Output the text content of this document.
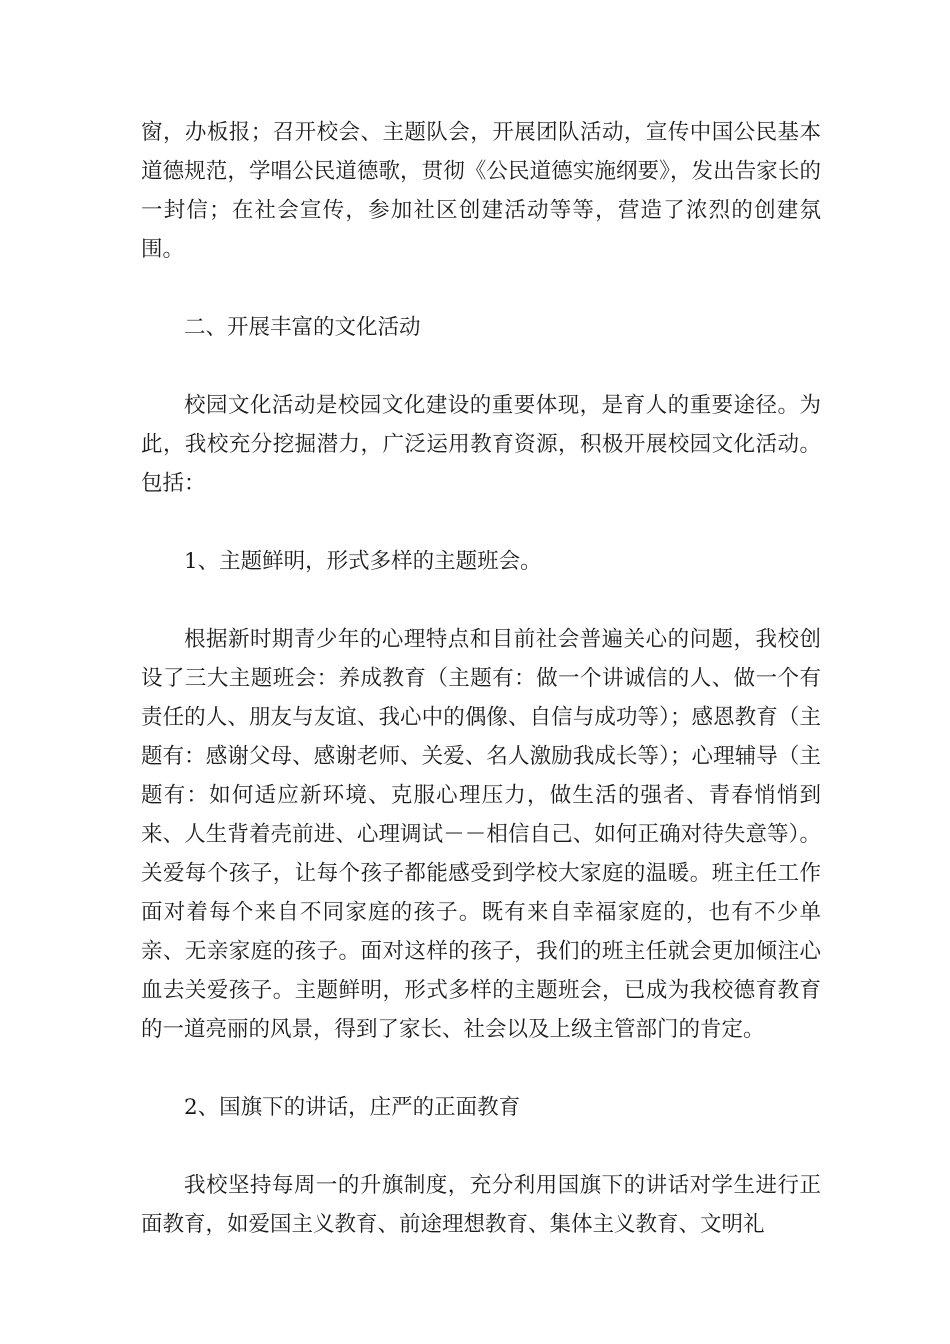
窗，办板报；召开校会、主题队会，开展团队活动，宣传中国公民基本道德规范，学唱公民道德歌，贯彻《公民道德实施纲要》，发出告家长的一封信；在社会宣传，参加社区创建活动等等，营造了浓烈的创建氛围。

二、开展丰富的文化活动

校园文化活动是校园文化建设的重要体现，是育人的重要途径。为此，我校充分挖掘潜力，广泛运用教育资源，积极开展校园文化活动。包括：

1、主题鲜明，形式多样的主题班会。

根据新时期青少年的心理特点和目前社会普遍关心的问题，我校创设了三大主题班会：养成教育（主题有：做一个讲诚信的人、做一个有责任的人、朋友与友谊、我心中的偶像、自信与成功等）；感恩教育（主题有：感谢父母、感谢老师、关爱、名人激励我成长等）；心理辅导（主题有：如何适应新环境、克服心理压力，做生活的强者、青春悄悄到来、人生背着壳前进、心理调试－－相信自己、如何正确对待失意等）。关爱每个孩子，让每个孩子都能感受到学校大家庭的温暖。班主任工作面对着每个来自不同家庭的孩子。既有来自幸福家庭的，也有不少单亲、无亲家庭的孩子。面对这样的孩子，我们的班主任就会更加倾注心血去关爱孩子。主题鲜明，形式多样的主题班会，已成为我校德育教育的一道亮丽的风景，得到了家长、社会以及上级主管部门的肯定。

2、国旗下的讲话，庄严的正面教育

我校坚持每周一的升旗制度，充分利用国旗下的讲话对学生进行正面教育，如爱国主义教育、前途理想教育、集体主义教育、文明礼
